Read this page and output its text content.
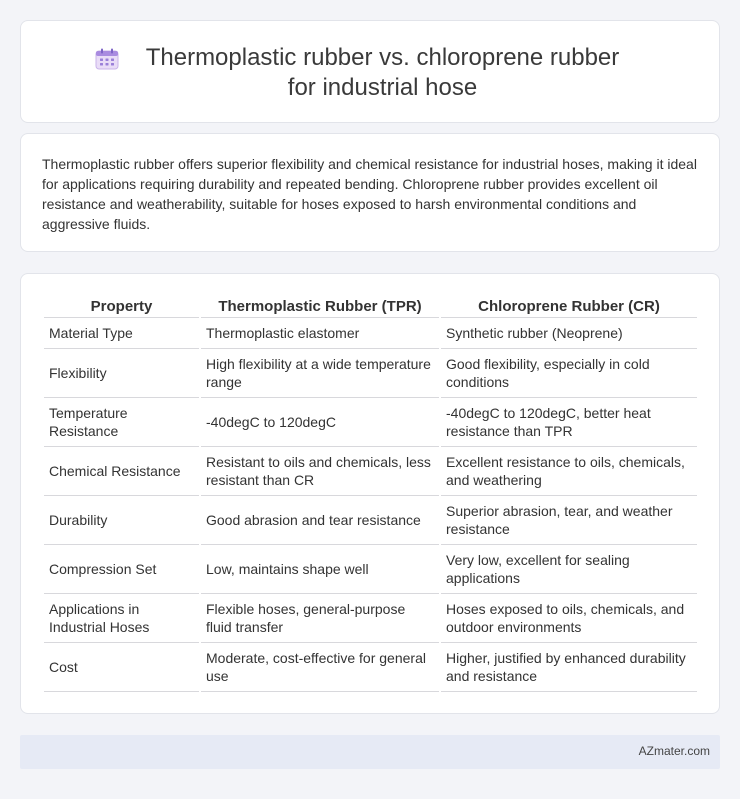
Thermoplastic rubber vs. chloroprene rubber for industrial hose

Thermoplastic rubber offers superior flexibility and chemical resistance for industrial hoses, making it ideal for applications requiring durability and repeated bending. Chloroprene rubber provides excellent oil resistance and weatherability, suitable for hoses exposed to harsh environmental conditions and aggressive fluids.

Property	Thermoplastic Rubber (TPR)	Chloroprene Rubber (CR)
Material Type	Thermoplastic elastomer	Synthetic rubber (Neoprene)
Flexibility	High flexibility at a wide temperature range	Good flexibility, especially in cold conditions
Temperature Resistance	-40degC to 120degC	-40degC to 120degC, better heat resistance than TPR
Chemical Resistance	Resistant to oils and chemicals, less resistant than CR	Excellent resistance to oils, chemicals, and weathering
Durability	Good abrasion and tear resistance	Superior abrasion, tear, and weather resistance
Compression Set	Low, maintains shape well	Very low, excellent for sealing applications
Applications in Industrial Hoses	Flexible hoses, general-purpose fluid transfer	Hoses exposed to oils, chemicals, and outdoor environments
Cost	Moderate, cost-effective for general use	Higher, justified by enhanced durability and resistance
AZmater.com
